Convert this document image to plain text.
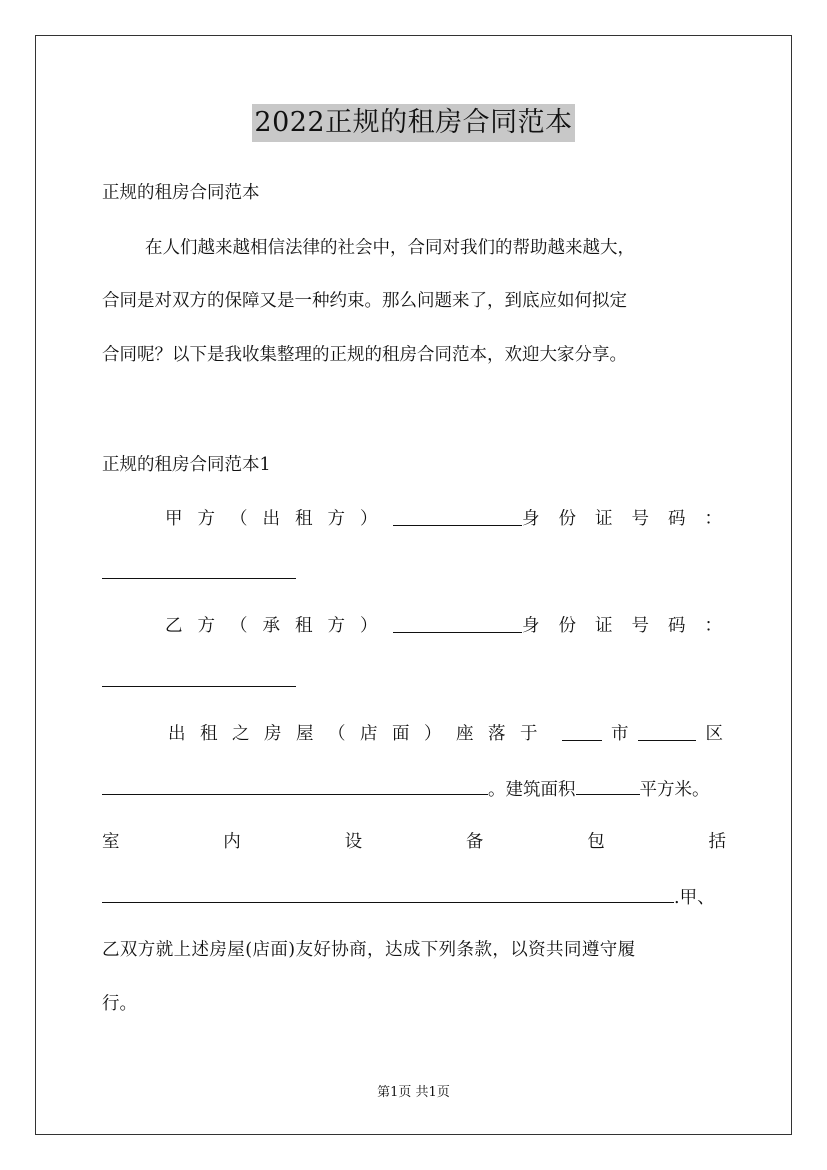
2022正规的租房合同范本
正规的租房合同范本
在人们越来越相信法律的社会中，合同对我们的帮助越来越大，
合同是对双方的保障又是一种约束。那么问题来了，到底应如何拟定
合同呢？以下是我收集整理的正规的租房合同范本，欢迎大家分享。
正规的租房合同范本1
甲方（出租方）	身份证号码：
乙方（承租方）	身份证号码：
出租之房屋（店面）座落于	市	区
。建筑面积	平方米。
室	内	设	备	包	括
.甲、
乙双方就上述房屋(店面)友好协商，达成下列条款，以资共同遵守履
行。
第1页 共1页
